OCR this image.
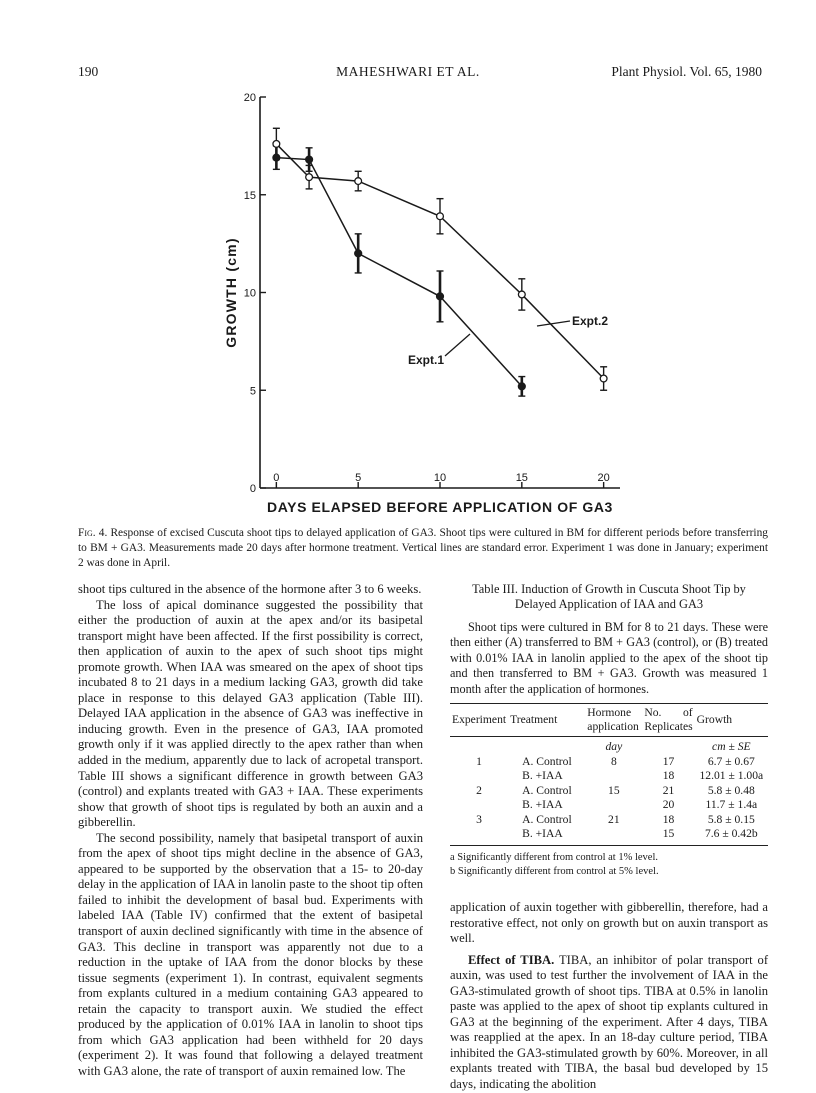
190	MAHESHWARI ET AL.	Plant Physiol. Vol. 65, 1980
0
5
10
15
20
0	5	10	15	20
DAYS ELAPSED BEFORE APPLICATION OF GA3
GROWTH (cm)
Expt.1
Expt.2
Fig. 4. Response of excised Cuscuta shoot tips to delayed application of GA3. Shoot tips were cultured in BM for different periods before transferring to BM + GA3. Measurements made 20 days after hormone treatment. Vertical lines are standard error. Experiment 1 was done in January; experiment 2 was done in April.

shoot tips cultured in the absence of the hormone after 3 to 6 weeks.

The loss of apical dominance suggested the possibility that either the production of auxin at the apex and/or its basipetal transport might have been affected. If the first possibility is correct, then application of auxin to the apex of such shoot tips might promote growth. When IAA was smeared on the apex of shoot tips incubated 8 to 21 days in a medium lacking GA3, growth did take place in response to this delayed GA3 application (Table III). Delayed IAA application in the absence of GA3 was ineffective in inducing growth. Even in the presence of GA3, IAA promoted growth only if it was applied directly to the apex rather than when added in the medium, apparently due to lack of acropetal transport. Table III shows a significant difference in growth between GA3 (control) and explants treated with GA3 + IAA. These experiments show that growth of shoot tips is regulated by both an auxin and a gibberellin.

The second possibility, namely that basipetal transport of auxin from the apex of shoot tips might decline in the absence of GA3, appeared to be supported by the observation that a 15- to 20-day delay in the application of IAA in lanolin paste to the shoot tip often failed to inhibit the development of basal bud. Experiments with labeled IAA (Table IV) confirmed that the extent of basipetal transport of auxin declined significantly with time in the absence of GA3. This decline in transport was apparently not due to a reduction in the uptake of IAA from the donor blocks by these tissue segments (experiment 1). In contrast, equivalent segments from explants cultured in a medium containing GA3 appeared to retain the capacity to transport auxin. We studied the effect produced by the application of 0.01% IAA in lanolin to shoot tips from which GA3 application had been withheld for 20 days (experiment 2). It was found that following a delayed treatment with GA3 alone, the rate of transport of auxin remained low. The

Table III. Induction of Growth in Cuscuta Shoot Tip by Delayed Application of IAA and GA3

Shoot tips were cultured in BM for 8 to 21 days. These were then either (A) transferred to BM + GA3 (control), or (B) treated with 0.01% IAA in lanolin applied to the apex of the shoot tip and then transferred to BM + GA3. Growth was measured 1 month after the application of hormones.

Experiment	Treatment	Hormone application	No. of Replicates	Growth
		day		cm ± SE
1	A. Control	8	17	6.7 ± 0.67
	B. +IAA		18	12.01 ± 1.00a
2	A. Control	15	21	5.8 ± 0.48
	B. +IAA		20	11.7 ± 1.4a
3	A. Control	21	18	5.8 ± 0.15
	B. +IAA		15	7.6 ± 0.42b

a Significantly different from control at 1% level.

b Significantly different from control at 5% level.

application of auxin together with gibberellin, therefore, had a restorative effect, not only on growth but on auxin transport as well.

Effect of TIBA. TIBA, an inhibitor of polar transport of auxin, was used to test further the involvement of IAA in the GA3-stimulated growth of shoot tips. TIBA at 0.5% in lanolin paste was applied to the apex of shoot tip explants cultured in GA3 at the beginning of the experiment. After 4 days, TIBA was reapplied at the apex. In an 18-day culture period, TIBA inhibited the GA3-stimulated growth by 60%. Moreover, in all explants treated with TIBA, the basal bud developed by 15 days, indicating the abolition
